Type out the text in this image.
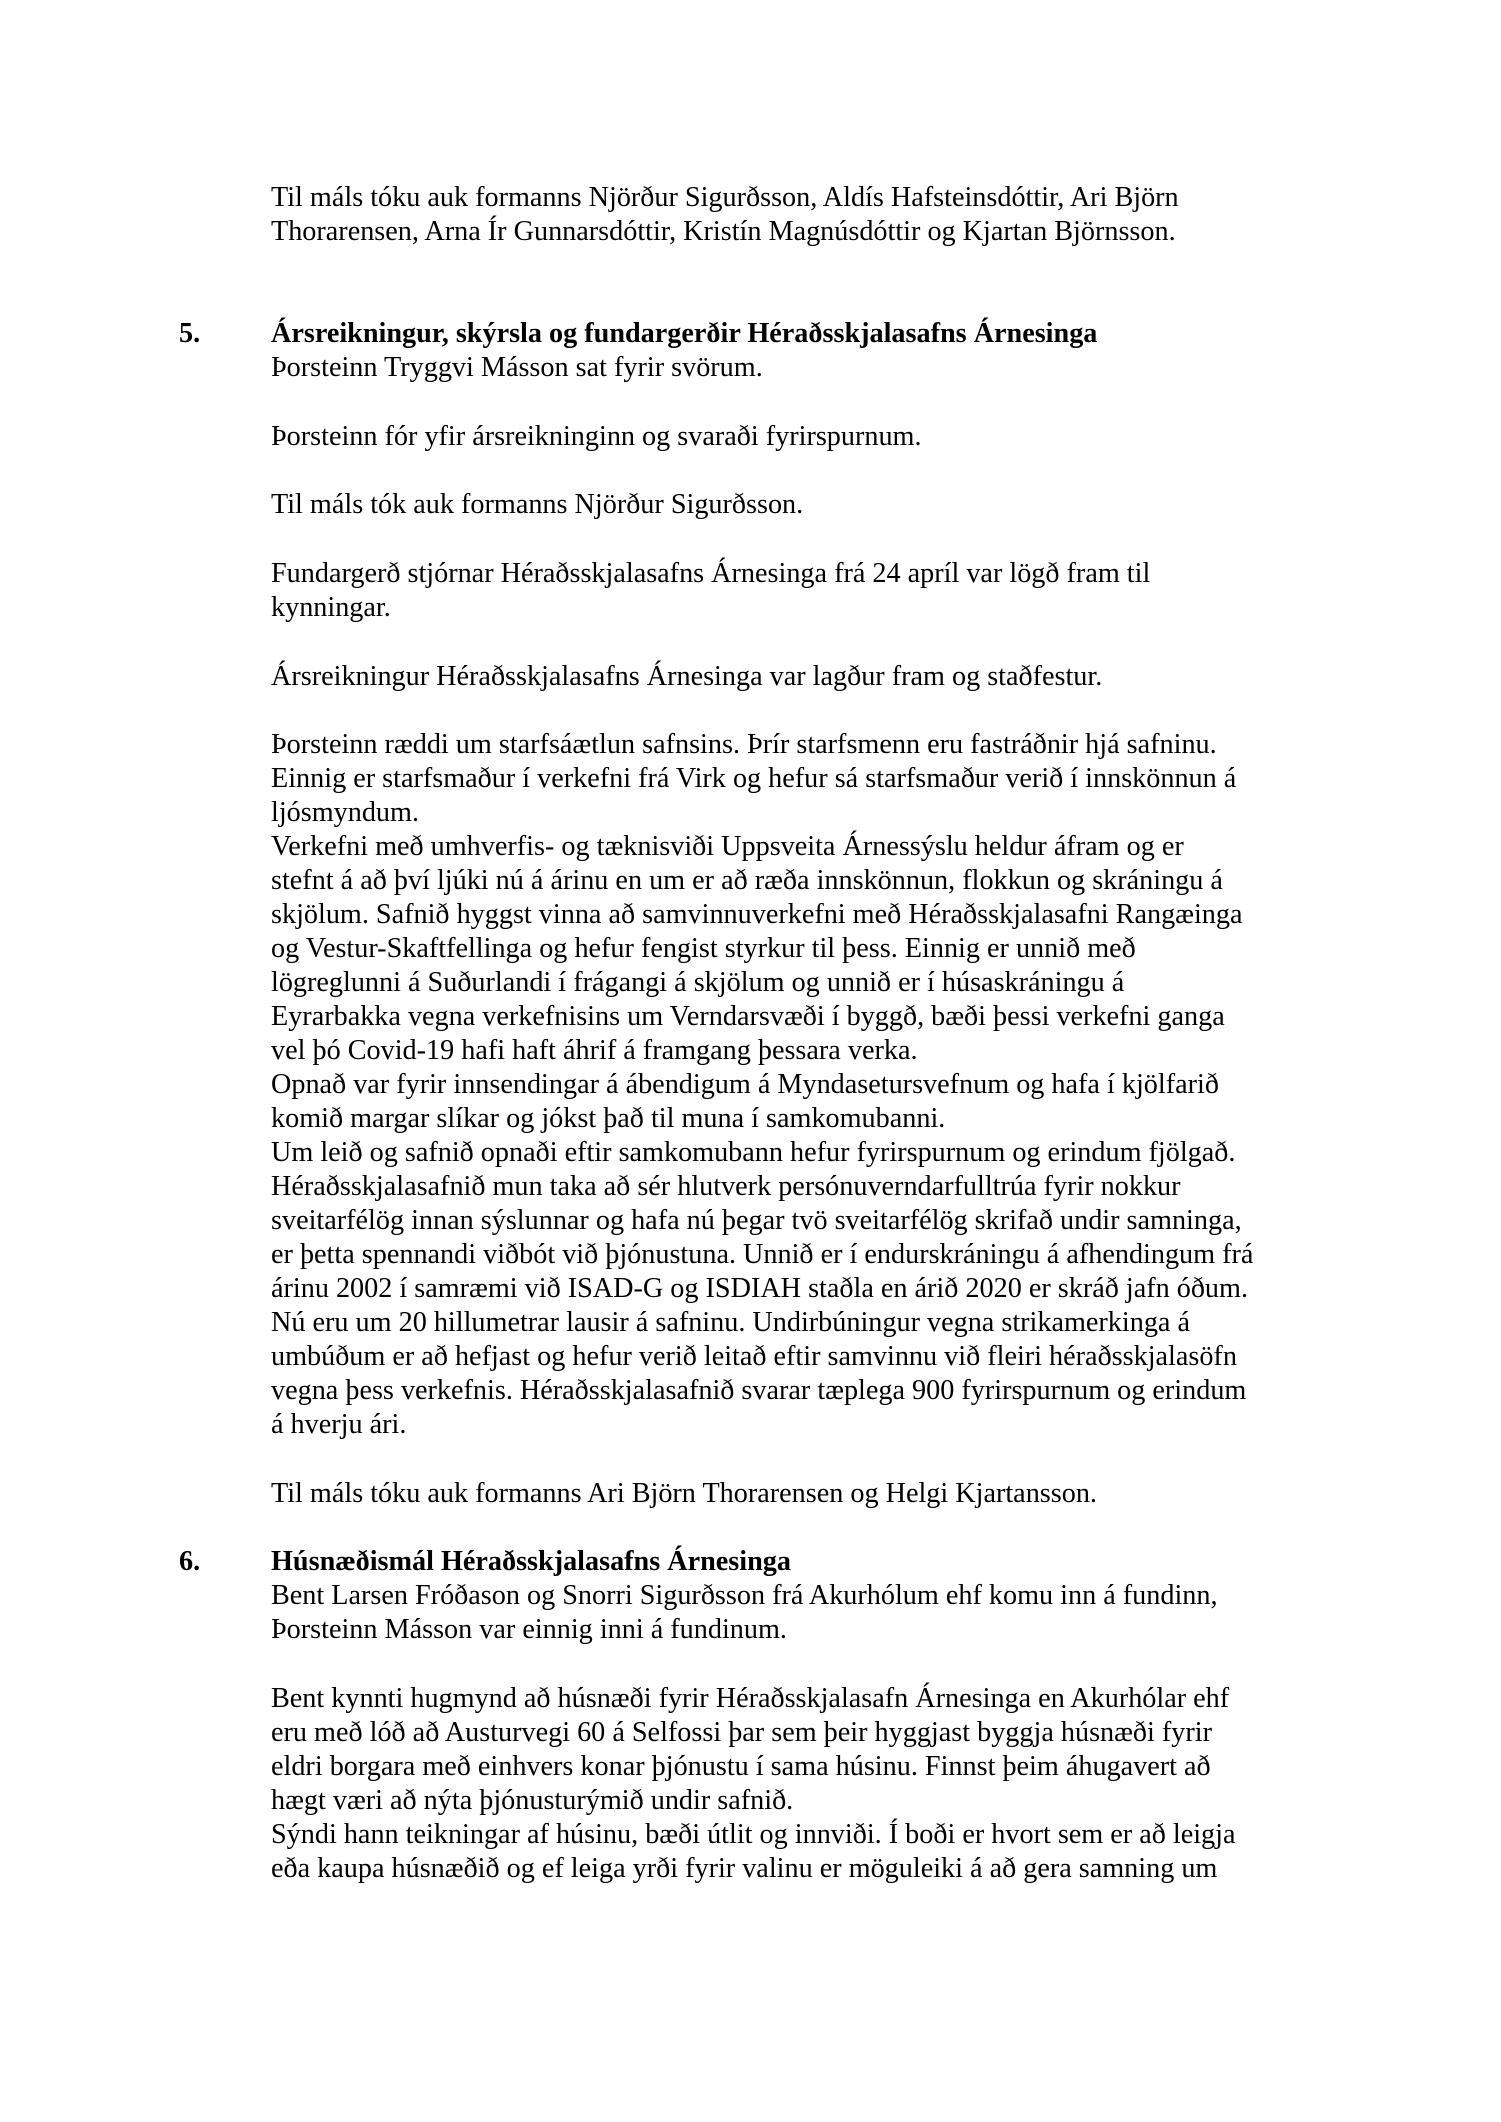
Til máls tóku auk formanns Njörður Sigurðsson, Aldís Hafsteinsdóttir, Ari Björn
Thorarensen, Arna Ír Gunnarsdóttir, Kristín Magnúsdóttir og Kjartan Björnsson.
5.	Ársreikningur, skýrsla og fundargerðir Héraðsskjalasafns Árnesinga
Þorsteinn Tryggvi Másson sat fyrir svörum.
Þorsteinn fór yfir ársreikninginn og svaraði fyrirspurnum.
Til máls tók auk formanns Njörður Sigurðsson.
Fundargerð stjórnar Héraðsskjalasafns Árnesinga frá 24 apríl var lögð fram til
kynningar.
Ársreikningur Héraðsskjalasafns Árnesinga var lagður fram og staðfestur.
Þorsteinn ræddi um starfsáætlun safnsins. Þrír starfsmenn eru fastráðnir hjá safninu.
Einnig er starfsmaður í verkefni frá Virk og hefur sá starfsmaður verið í innskönnun á
ljósmyndum.
Verkefni með umhverfis- og tæknisviði Uppsveita Árnessýslu heldur áfram og er
stefnt á að því ljúki nú á árinu en um er að ræða innskönnun, flokkun og skráningu á
skjölum. Safnið hyggst vinna að samvinnuverkefni með Héraðsskjalasafni Rangæinga
og Vestur-Skaftfellinga og hefur fengist styrkur til þess. Einnig er unnið með
lögreglunni á Suðurlandi í frágangi á skjölum og unnið er í húsaskráningu á
Eyrarbakka vegna verkefnisins um Verndarsvæði í byggð, bæði þessi verkefni ganga
vel þó Covid-19 hafi haft áhrif á framgang þessara verka.
Opnað var fyrir innsendingar á ábendigum á Myndasetursvefnum og hafa í kjölfarið
komið margar slíkar og jókst það til muna í samkomubanni.
Um leið og safnið opnaði eftir samkomubann hefur fyrirspurnum og erindum fjölgað.
Héraðsskjalasafnið mun taka að sér hlutverk persónuverndarfulltrúa fyrir nokkur
sveitarfélög innan sýslunnar og hafa nú þegar tvö sveitarfélög skrifað undir samninga,
er þetta spennandi viðbót við þjónustuna. Unnið er í endurskráningu á afhendingum frá
árinu 2002 í samræmi við ISAD-G og ISDIAH staðla en árið 2020 er skráð jafn óðum.
Nú eru um 20 hillumetrar lausir á safninu. Undirbúningur vegna strikamerkinga á
umbúðum er að hefjast og hefur verið leitað eftir samvinnu við fleiri héraðsskjalasöfn
vegna þess verkefnis. Héraðsskjalasafnið svarar tæplega 900 fyrirspurnum og erindum
á hverju ári.
Til máls tóku auk formanns Ari Björn Thorarensen og Helgi Kjartansson.
6.	Húsnæðismál Héraðsskjalasafns Árnesinga
Bent Larsen Fróðason og Snorri Sigurðsson frá Akurhólum ehf komu inn á fundinn,
Þorsteinn Másson var einnig inni á fundinum.
Bent kynnti hugmynd að húsnæði fyrir Héraðsskjalasafn Árnesinga en Akurhólar ehf
eru með lóð að Austurvegi 60 á Selfossi þar sem þeir hyggjast byggja húsnæði fyrir
eldri borgara með einhvers konar þjónustu í sama húsinu. Finnst þeim áhugavert að
hægt væri að nýta þjónusturýmið undir safnið.
Sýndi hann teikningar af húsinu, bæði útlit og innviði. Í boði er hvort sem er að leigja
eða kaupa húsnæðið og ef leiga yrði fyrir valinu er möguleiki á að gera samning um
